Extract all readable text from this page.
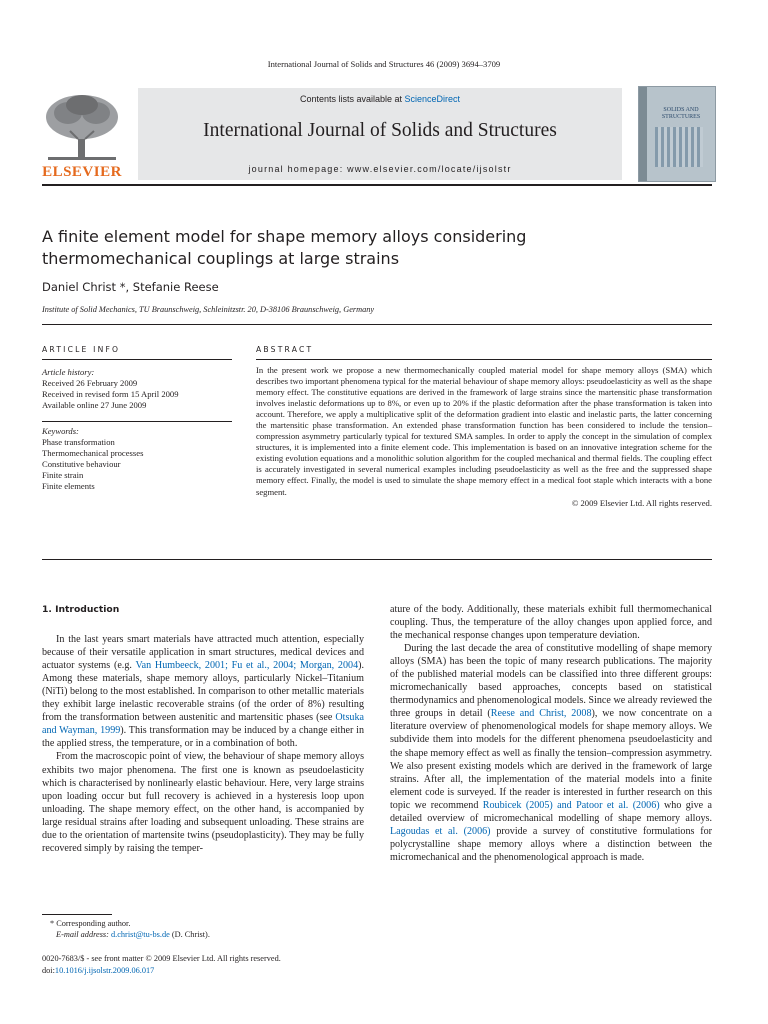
International Journal of Solids and Structures 46 (2009) 3694–3709
ELSEVIER
Contents lists available at ScienceDirect
International Journal of Solids and Structures
journal homepage: www.elsevier.com/locate/ijsolstr
SOLIDS AND STRUCTURES
A finite element model for shape memory alloys considering
thermomechanical couplings at large strains
Daniel Christ *, Stefanie Reese
Institute of Solid Mechanics, TU Braunschweig, Schleinitzstr. 20, D-38106 Braunschweig, Germany
ARTICLE INFO
Article history:
Received 26 February 2009
Received in revised form 15 April 2009
Available online 27 June 2009
Keywords:
Phase transformation
Thermomechanical processes
Constitutive behaviour
Finite strain
Finite elements
ABSTRACT
In the present work we propose a new thermomechanically coupled material model for shape memory alloys (SMA) which describes two important phenomena typical for the material behaviour of shape memory alloys: pseudoelasticity as well as the shape memory effect. The constitutive equations are derived in the framework of large strains since the martensitic phase transformation involves inelastic deformations up to 8%, or even up to 20% if the plastic deformation after the phase transformation is taken into account. Therefore, we apply a multiplicative split of the deformation gradient into elastic and inelastic parts, the latter concerning the martensitic phase transformation. An extended phase transformation function has been considered to include the tension–compression asymmetry particularly typical for textured SMA samples. In order to apply the concept in the simulation of complex structures, it is implemented into a finite element code. This implementation is based on an innovative integration scheme for the existing evolution equations and a monolithic solution algorithm for the coupled mechanical and thermal fields. The coupling effect is accurately investigated in several numerical examples including pseudoelasticity as well as the free and the suppressed shape memory effect. Finally, the model is used to simulate the shape memory effect in a medical foot staple which interacts with a bone segment.
© 2009 Elsevier Ltd. All rights reserved.
1. Introduction

In the last years smart materials have attracted much attention, especially because of their versatile application in smart structures, medical devices and actuator systems (e.g. Van Humbeeck, 2001; Fu et al., 2004; Morgan, 2004). Among these materials, shape memory alloys, particularly Nickel–Titanium (NiTi) belong to the most established. In comparison to other metallic materials they exhibit large inelastic recoverable strains (of the order of 8%) resulting from the transformation between austenitic and martensitic phases (see Otsuka and Wayman, 1999). This transformation may be induced by a change either in the applied stress, the temperature, or in a combination of both.

From the macroscopic point of view, the behaviour of shape memory alloys exhibits two major phenomena. The first one is known as pseudoelasticity which is characterised by nonlinearly elastic behaviour. Here, very large strains upon loading occur but full recovery is achieved in a hysteresis loop upon unloading. The shape memory effect, on the other hand, is accompanied by large residual strains after loading and subsequent unloading. These strains are due to the orientation of martensite twins (pseudoplasticity). They may be fully recovered simply by raising the temper-

ature of the body. Additionally, these materials exhibit full thermomechanical coupling. Thus, the temperature of the alloy changes upon applied force, and the mechanical response changes upon temperature deviation.

During the last decade the area of constitutive modelling of shape memory alloys (SMA) has been the topic of many research publications. The majority of the published material models can be classified into three different groups: micromechanically based approaches, concepts based on statistical thermodynamics and phenomenological models. Since we already reviewed the three groups in detail (Reese and Christ, 2008), we now concentrate on a literature overview of phenomenological models for shape memory alloys. We subdivide them into models for the different phenomena pseudoelasticity and the shape memory effect as well as finally the tension–compression asymmetry. We also present existing models which are derived in the framework of large strains. After all, the implementation of the material models into a finite element code is surveyed. If the reader is interested in further research on this topic we recommend Roubicek (2005) and Patoor et al. (2006) who give a detailed overview of micromechanical modelling of shape memory alloys. Lagoudas et al. (2006) provide a survey of constitutive formulations for polycrystalline shape memory alloys where a distinction between the micromechanical and the phenomenological approach is made.

* Corresponding author.
E-mail address: d.christ@tu-bs.de (D. Christ).
0020-7683/$ - see front matter © 2009 Elsevier Ltd. All rights reserved.
doi:10.1016/j.ijsolstr.2009.06.017
